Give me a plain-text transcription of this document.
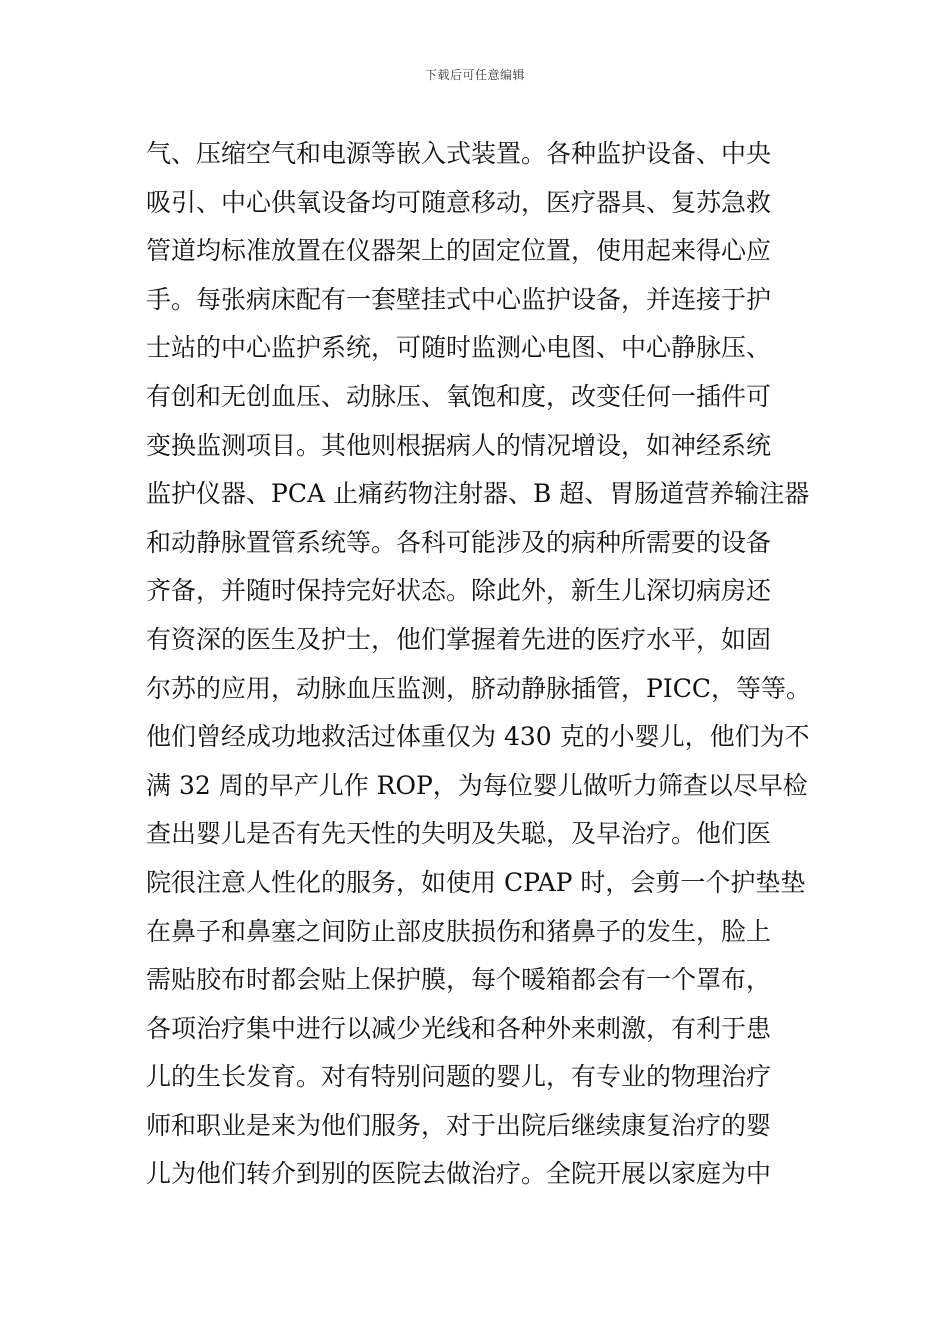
下载后可任意编辑
气、压缩空气和电源等嵌入式装置。各种监护设备、中央
吸引、中心供氧设备均可随意移动，医疗器具、复苏急救
管道均标准放置在仪器架上的固定位置，使用起来得心应
手。每张病床配有一套壁挂式中心监护设备，并连接于护
士站的中心监护系统，可随时监测心电图、中心静脉压、
有创和无创血压、动脉压、氧饱和度，改变任何一插件可
变换监测项目。其他则根据病人的情况增设，如神经系统
监护仪器、PCA 止痛药物注射器、B 超、胃肠道营养输注器
和动静脉置管系统等。各科可能涉及的病种所需要的设备
齐备，并随时保持完好状态。除此外，新生儿深切病房还
有资深的医生及护士，他们掌握着先进的医疗水平，如固
尔苏的应用，动脉血压监测，脐动静脉插管，PICC，等等。
他们曾经成功地救活过体重仅为 430 克的小婴儿，他们为不
满 32 周的早产儿作 ROP，为每位婴儿做听力筛查以尽早检
查出婴儿是否有先天性的失明及失聪，及早治疗。他们医
院很注意人性化的服务，如使用 CPAP 时，会剪一个护垫垫
在鼻子和鼻塞之间防止部皮肤损伤和猪鼻子的发生，脸上
需贴胶布时都会贴上保护膜，每个暖箱都会有一个罩布，
各项治疗集中进行以减少光线和各种外来刺激，有利于患
儿的生长发育。对有特别问题的婴儿，有专业的物理治疗
师和职业是来为他们服务，对于出院后继续康复治疗的婴
儿为他们转介到别的医院去做治疗。全院开展以家庭为中
